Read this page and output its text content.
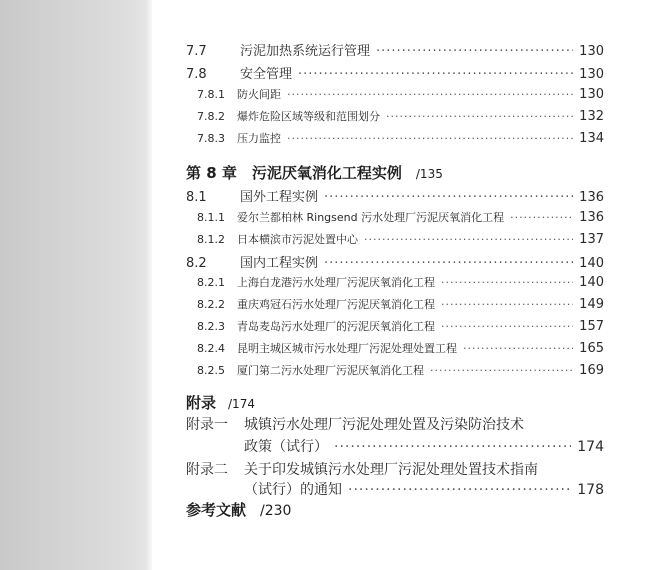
7.7	污泥加热系统运行管理 ·····	130
7.8	安全管理 ·····	130
7.8.1	防火间距 ·····	130
7.8.2	爆炸危险区域等级和范围划分 ·····	132
7.8.3	压力监控 ·····	134
第 8 章　污泥厌氧消化工程实例 /135
8.1	国外工程实例 ·····	136
8.1.1	爱尔兰都柏林 Ringsend 污水处理厂污泥厌氧消化工程 ·····	136
8.1.2	日本横滨市污泥处置中心 ·····	137
8.2	国内工程实例 ·····	140
8.2.1	上海白龙港污水处理厂污泥厌氧消化工程 ·····	140
8.2.2	重庆鸡冠石污水处理厂污泥厌氧消化工程 ·····	149
8.2.3	青岛麦岛污水处理厂的污泥厌氧消化工程 ·····	157
8.2.4	昆明主城区城市污水处理厂污泥处理处置工程 ·····	165
8.2.5	厦门第二污水处理厂污泥厌氧消化工程 ·····	169
附录 /174
附录一 城镇污水处理厂污泥处理处置及污染防治技术
政策（试行） ·····	174
附录二 关于印发城镇污水处理厂污泥处理处置技术指南
（试行）的通知 ·····	178
参考文献 /230
